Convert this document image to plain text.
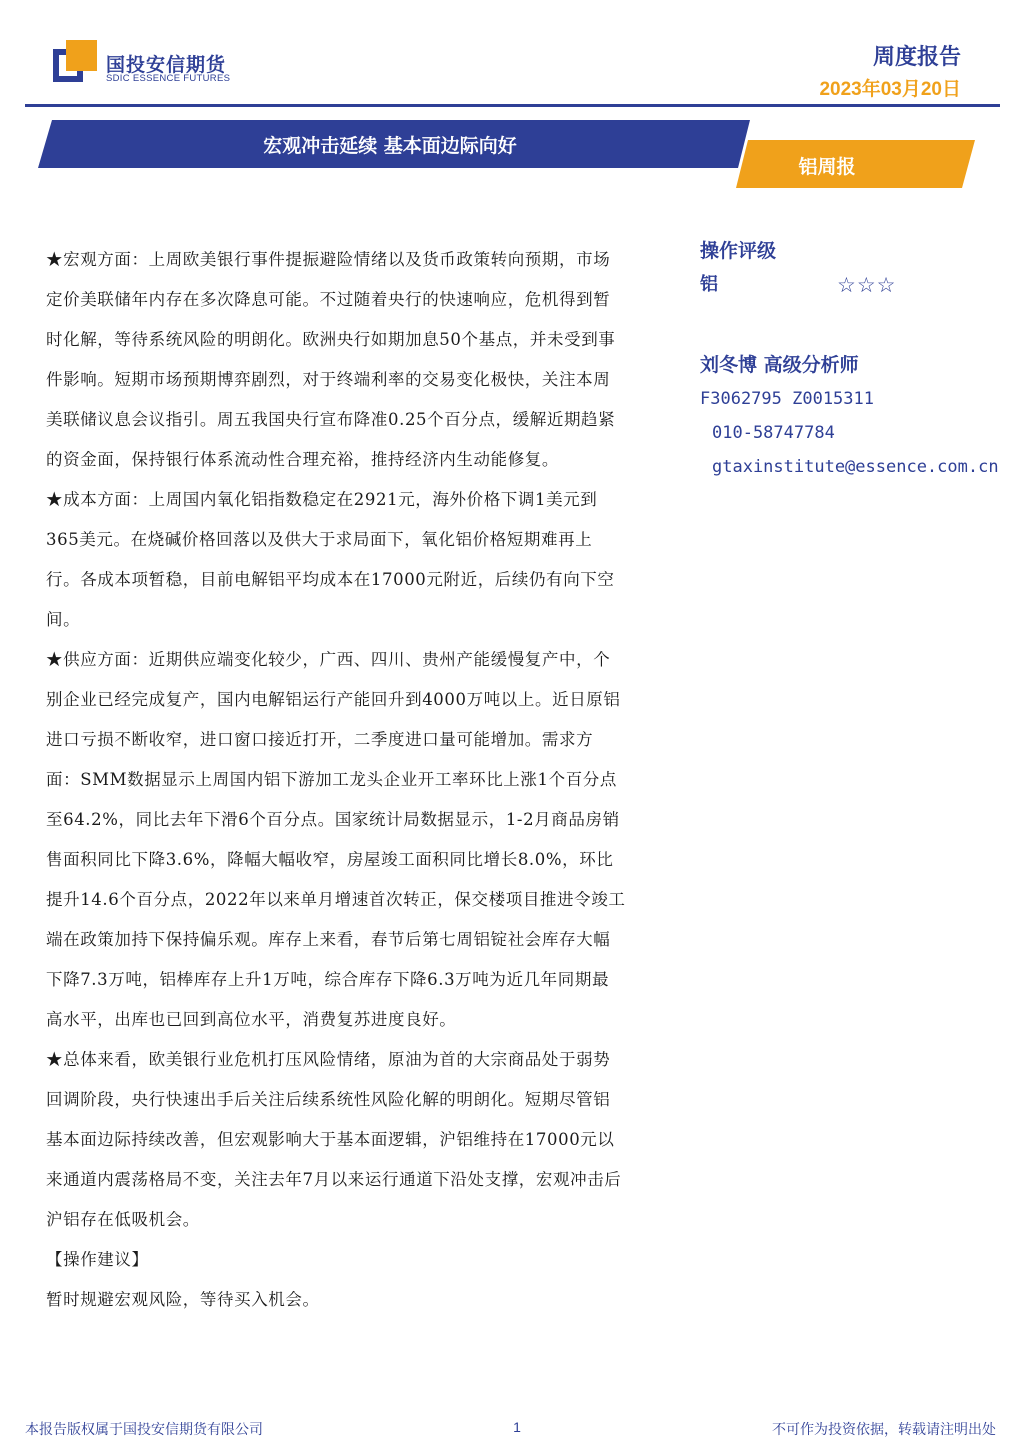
国投安信期货
SDIC ESSENCE FUTURES
周度报告
2023年03月20日
宏观冲击延续 基本面边际向好
铝周报

★宏观方面：上周欧美银行事件提振避险情绪以及货币政策转向预期，市场定价美联储年内存在多次降息可能。不过随着央行的快速响应，危机得到暂时化解，等待系统风险的明朗化。欧洲央行如期加息50个基点，并未受到事件影响。短期市场预期博弈剧烈，对于终端利率的交易变化极快，关注本周美联储议息会议指引。周五我国央行宣布降准0.25个百分点，缓解近期趋紧的资金面，保持银行体系流动性合理充裕，推持经济内生动能修复。

★成本方面：上周国内氧化铝指数稳定在2921元，海外价格下调1美元到365美元。在烧碱价格回落以及供大于求局面下，氧化铝价格短期难再上行。各成本项暂稳，目前电解铝平均成本在17000元附近，后续仍有向下空间。

★供应方面：近期供应端变化较少，广西、四川、贵州产能缓慢复产中，个别企业已经完成复产，国内电解铝运行产能回升到4000万吨以上。近日原铝进口亏损不断收窄，进口窗口接近打开，二季度进口量可能增加。需求方面：SMM数据显示上周国内铝下游加工龙头企业开工率环比上涨1个百分点至64.2%，同比去年下滑6个百分点。国家统计局数据显示，1-2月商品房销售面积同比下降3.6%，降幅大幅收窄，房屋竣工面积同比增长8.0%，环比提升14.6个百分点，2022年以来单月增速首次转正，保交楼项目推进令竣工端在政策加持下保持偏乐观。库存上来看，春节后第七周铝锭社会库存大幅下降7.3万吨，铝棒库存上升1万吨，综合库存下降6.3万吨为近几年同期最高水平，出库也已回到高位水平，消费复苏进度良好。

★总体来看，欧美银行业危机打压风险情绪，原油为首的大宗商品处于弱势回调阶段，央行快速出手后关注后续系统性风险化解的明朗化。短期尽管铝基本面边际持续改善，但宏观影响大于基本面逻辑，沪铝维持在17000元以来通道内震荡格局不变，关注去年7月以来运行通道下沿处支撑，宏观冲击后沪铝存在低吸机会。

【操作建议】

暂时规避宏观风险，等待买入机会。

操作评级
铝	☆☆☆
刘冬博 高级分析师
F3062795 Z0015311
010-58747784
gtaxinstitute@essence.com.cn
本报告版权属于国投安信期货有限公司	1	不可作为投资依据，转载请注明出处
